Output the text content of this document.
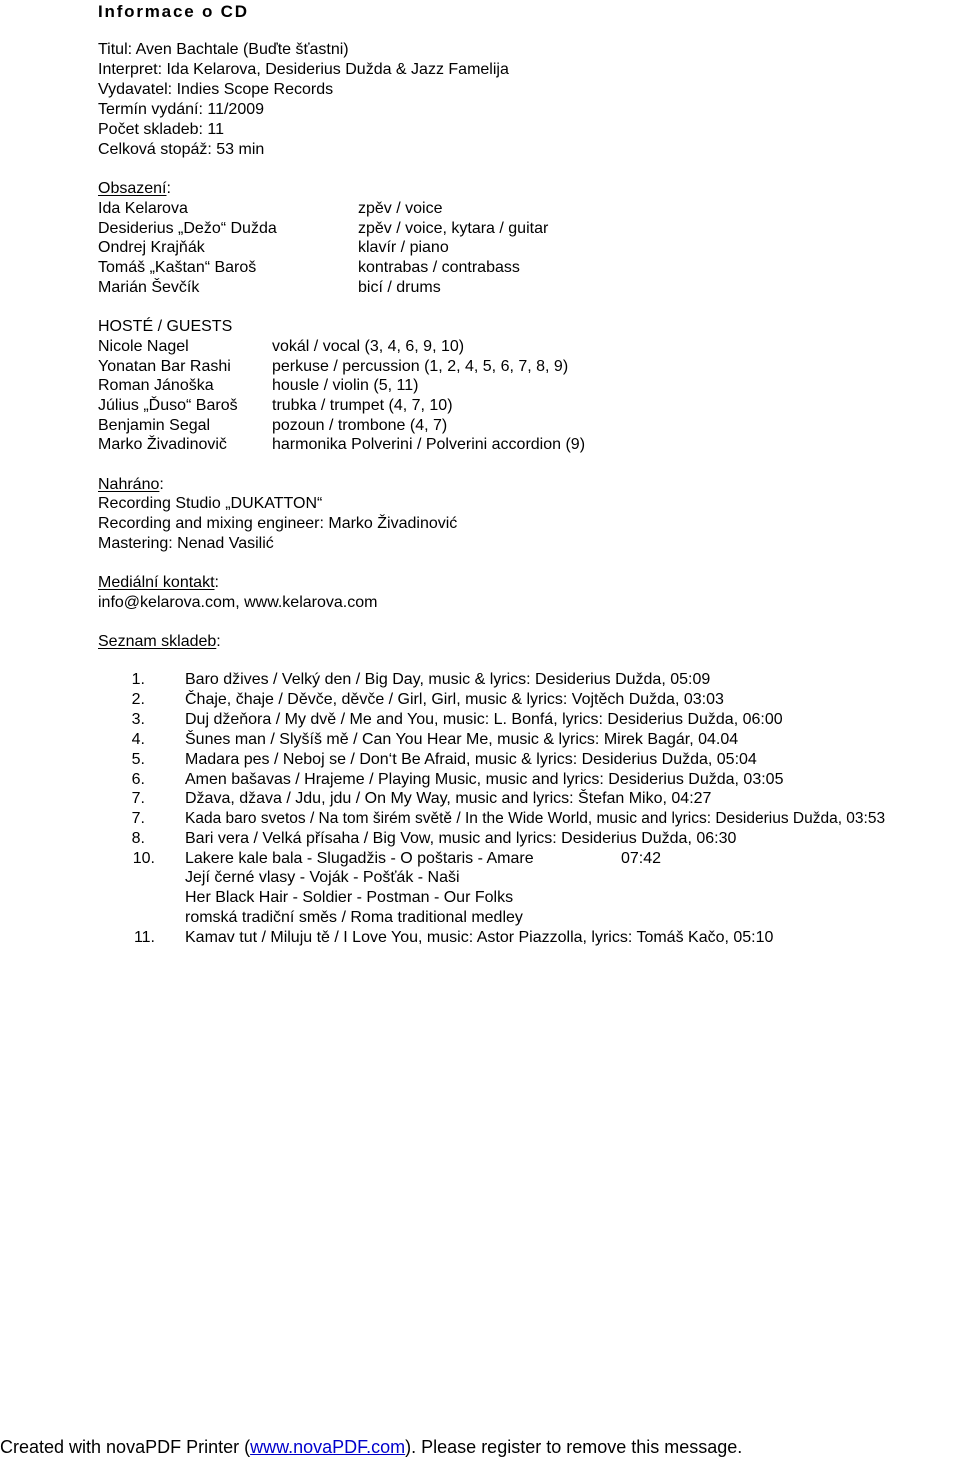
Informace o CD
Titul: Aven Bachtale (Buďte šťastni)
Interpret: Ida Kelarova, Desiderius Dužda & Jazz Famelija
Vydavatel: Indies Scope Records
Termín vydání: 11/2009
Počet skladeb: 11
Celková stopáž: 53 min
Obsazení:
Ida Kelarova	zpěv / voice
Desiderius „Dežo“ Dužda	zpěv / voice, kytara / guitar
Ondrej Krajňák	klavír / piano
Tomáš „Kaštan“ Baroš	kontrabas / contrabass
Marián Ševčík	bicí / drums
HOSTÉ / GUESTS
Nicole Nagel	vokál / vocal (3, 4, 6, 9, 10)
Yonatan Bar Rashi	perkuse / percussion (1, 2, 4, 5, 6, 7, 8, 9)
Roman Jánoška	housle / violin (5, 11)
Július „Ďuso“ Baroš trubka / trumpet (4, 7, 10)
Benjamin Segal	pozoun / trombone (4, 7)
Marko Živadinovič	harmonika Polverini / Polverini accordion (9)
Nahráno:
Recording Studio „DUKATTON“
Recording and mixing engineer: Marko Živadinović
Mastering: Nenad Vasilić
Mediální kontakt:
info@kelarova.com, www.kelarova.com
Seznam skladeb:
1.	Baro džives / Velký den / Big Day, music & lyrics: Desiderius Dužda, 05:09
2.	Čhaje, čhaje / Děvče, děvče / Girl, Girl, music & lyrics: Vojtěch Dužda, 03:03
3.	Duj džeňora / My dvě / Me and You, music: L. Bonfá, lyrics: Desiderius Dužda, 06:00
4.	Šunes man / Slyšíš mě / Can You Hear Me, music & lyrics: Mirek Bagár, 04.04
5.	Madara pes / Neboj se / Don‘t Be Afraid, music & lyrics: Desiderius Dužda, 05:04
6.	Amen bašavas / Hrajeme / Playing Music, music and lyrics: Desiderius Dužda, 03:05
7.	Džava, džava / Jdu, jdu / On My Way, music and lyrics: Štefan Miko, 04:27
7.	Kada baro svetos / Na tom širém světě / In the Wide World, music and lyrics: Desiderius Dužda, 03:53
8.	Bari vera / Velká přísaha / Big Vow, music and lyrics: Desiderius Dužda, 06:30
10. Lakere kale bala - Slugadžis - O poštaris - Amare	07:42
Její černé vlasy - Voják - Pošťák - Naši
Her Black Hair - Soldier - Postman - Our Folks
romská tradiční směs / Roma traditional medley
11. Kamav tut / Miluju tě / I Love You, music: Astor Piazzolla, lyrics: Tomáš Kačo, 05:10
Created with novaPDF Printer (www.novaPDF.com). Please register to remove this message.
